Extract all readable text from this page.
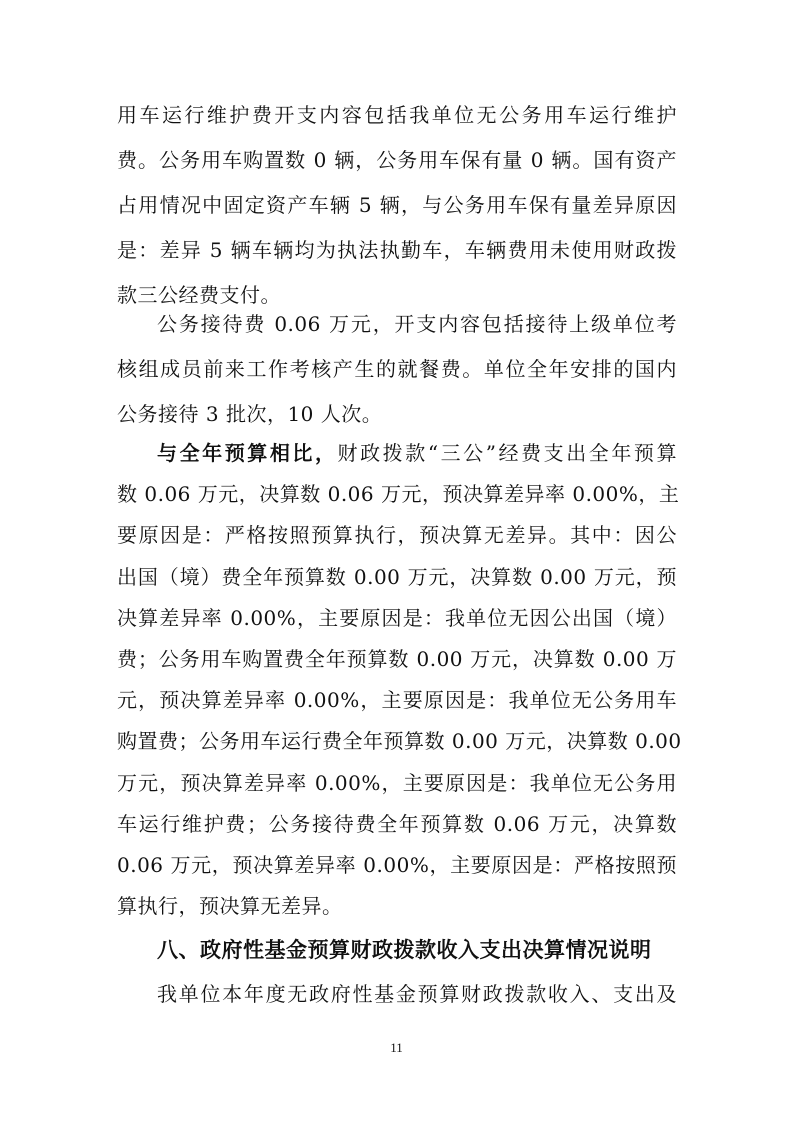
用车运行维护费开支内容包括我单位无公务用车运行维护
费。公务用车购置数 0 辆，公务用车保有量 0 辆。国有资产
占用情况中固定资产车辆 5 辆，与公务用车保有量差异原因
是：差异 5 辆车辆均为执法执勤车，车辆费用未使用财政拨
款三公经费支付。
公务接待费 0.06 万元，开支内容包括接待上级单位考
核组成员前来工作考核产生的就餐费。单位全年安排的国内
公务接待 3 批次，10 人次。
与全年预算相比，财政拨款“三公”经费支出全年预算
数 0.06 万元，决算数 0.06 万元，预决算差异率 0.00%，主
要原因是：严格按照预算执行，预决算无差异。其中：因公
出国（境）费全年预算数 0.00 万元，决算数 0.00 万元，预
决算差异率 0.00%，主要原因是：我单位无因公出国（境）
费；公务用车购置费全年预算数 0.00 万元，决算数 0.00 万
元，预决算差异率 0.00%，主要原因是：我单位无公务用车
购置费；公务用车运行费全年预算数 0.00 万元，决算数 0.00
万元，预决算差异率 0.00%，主要原因是：我单位无公务用
车运行维护费；公务接待费全年预算数 0.06 万元，决算数
0.06 万元，预决算差异率 0.00%，主要原因是：严格按照预
算执行，预决算无差异。
八、政府性基金预算财政拨款收入支出决算情况说明
我单位本年度无政府性基金预算财政拨款收入、支出及
11
